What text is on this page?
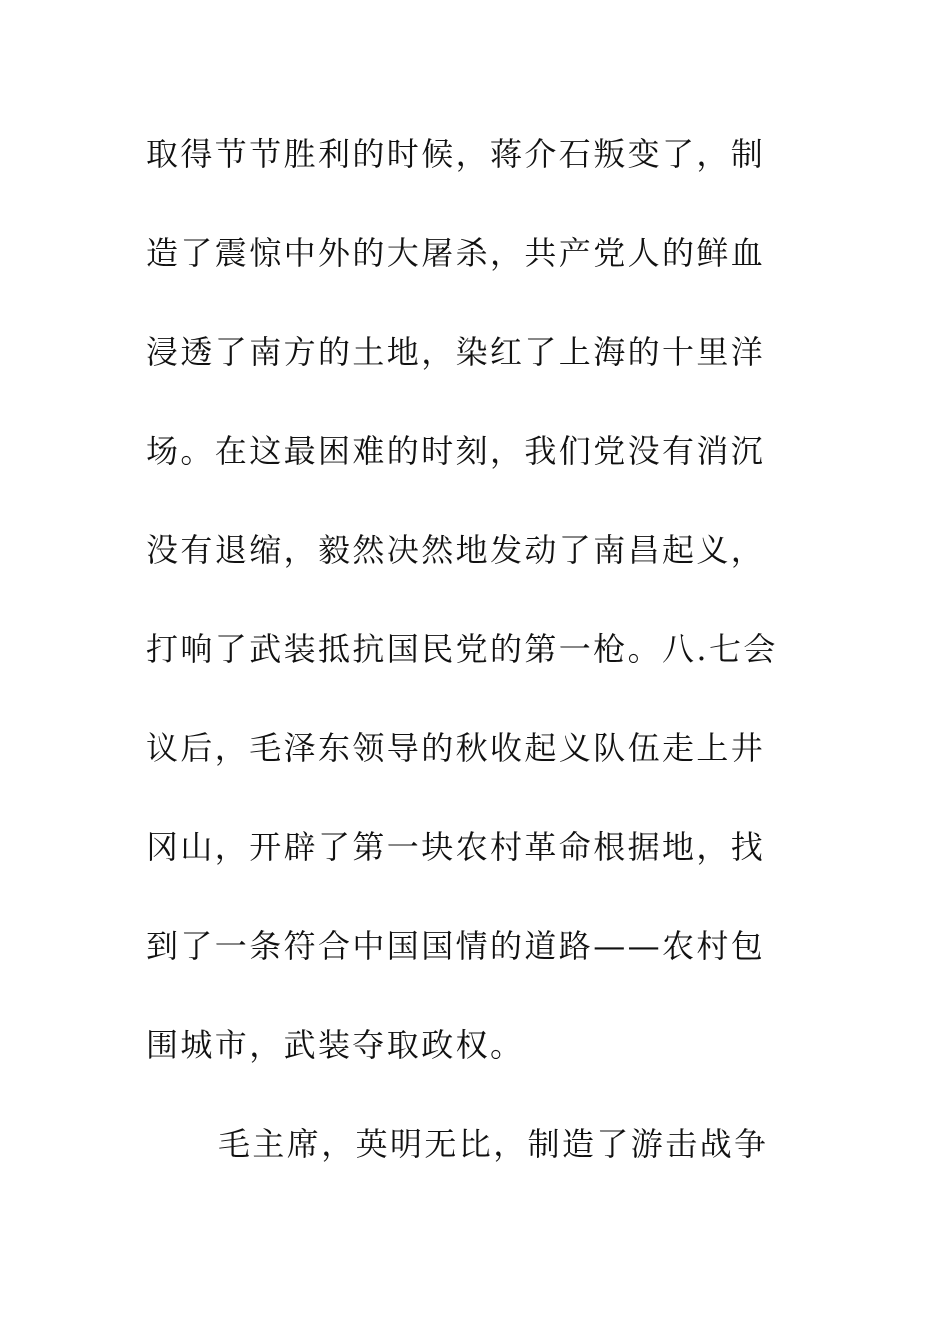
取得节节胜利的时候，蒋介石叛变了，制
造了震惊中外的大屠杀，共产党人的鲜血
浸透了南方的土地，染红了上海的十里洋
场。在这最困难的时刻，我们党没有消沉
没有退缩，毅然决然地发动了南昌起义，
打响了武装抵抗国民党的第一枪。八.七会
议后，毛泽东领导的秋收起义队伍走上井
冈山，开辟了第一块农村革命根据地，找
到了一条符合中国国情的道路——农村包
围城市，武装夺取政权。
毛主席，英明无比，制造了游击战争
